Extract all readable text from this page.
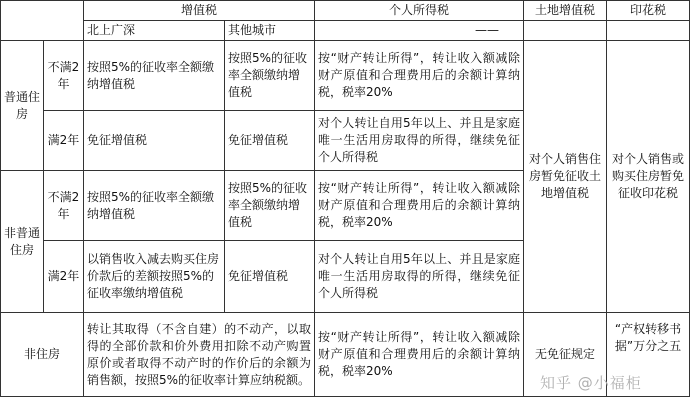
		增值税		个人所得税	土地增值税	印花税
		北上广深	其他城市	——		
普通住房	不满2年	按照5%的征收率全额缴纳增值税	按照5%的征收率全额缴纳增值税	按“财产转让所得”，转让收入额减除财产原值和合理费用后的余额计算纳税，税率20%	对个人销售住房暂免征收土地增值税	对个人销售或购买住房暂免征收印花税
	满2年	免征增值税	免征增值税	对个人转让自用5年以上、并且是家庭唯一生活用房取得的所得，继续免征个人所得税		
非普通住房	不满2年	按照5%的征收率全额缴纳增值税	按照5%的征收率全额缴纳增值税	按“财产转让所得”，转让收入额减除财产原值和合理费用后的余额计算纳税，税率20%		
	满2年	以销售收入减去购买住房价款后的差额按照5%的征收率缴纳增值税	免征增值税	对个人转让自用5年以上、并且是家庭唯一生活用房取得的所得，继续免征个人所得税		
非住房		转让其取得（不含自建）的不动产，以取得的全部价款和价外费用扣除不动产购置原价或者取得不动产时的作价后的余额为销售额，按照5%的征收率计算应纳税额。		按“财产转让所得”，转让收入额减除财产原值和合理费用后的余额计算纳税，税率20%	无免征规定	“产权转移书据”万分之五
知乎 @小福柜
